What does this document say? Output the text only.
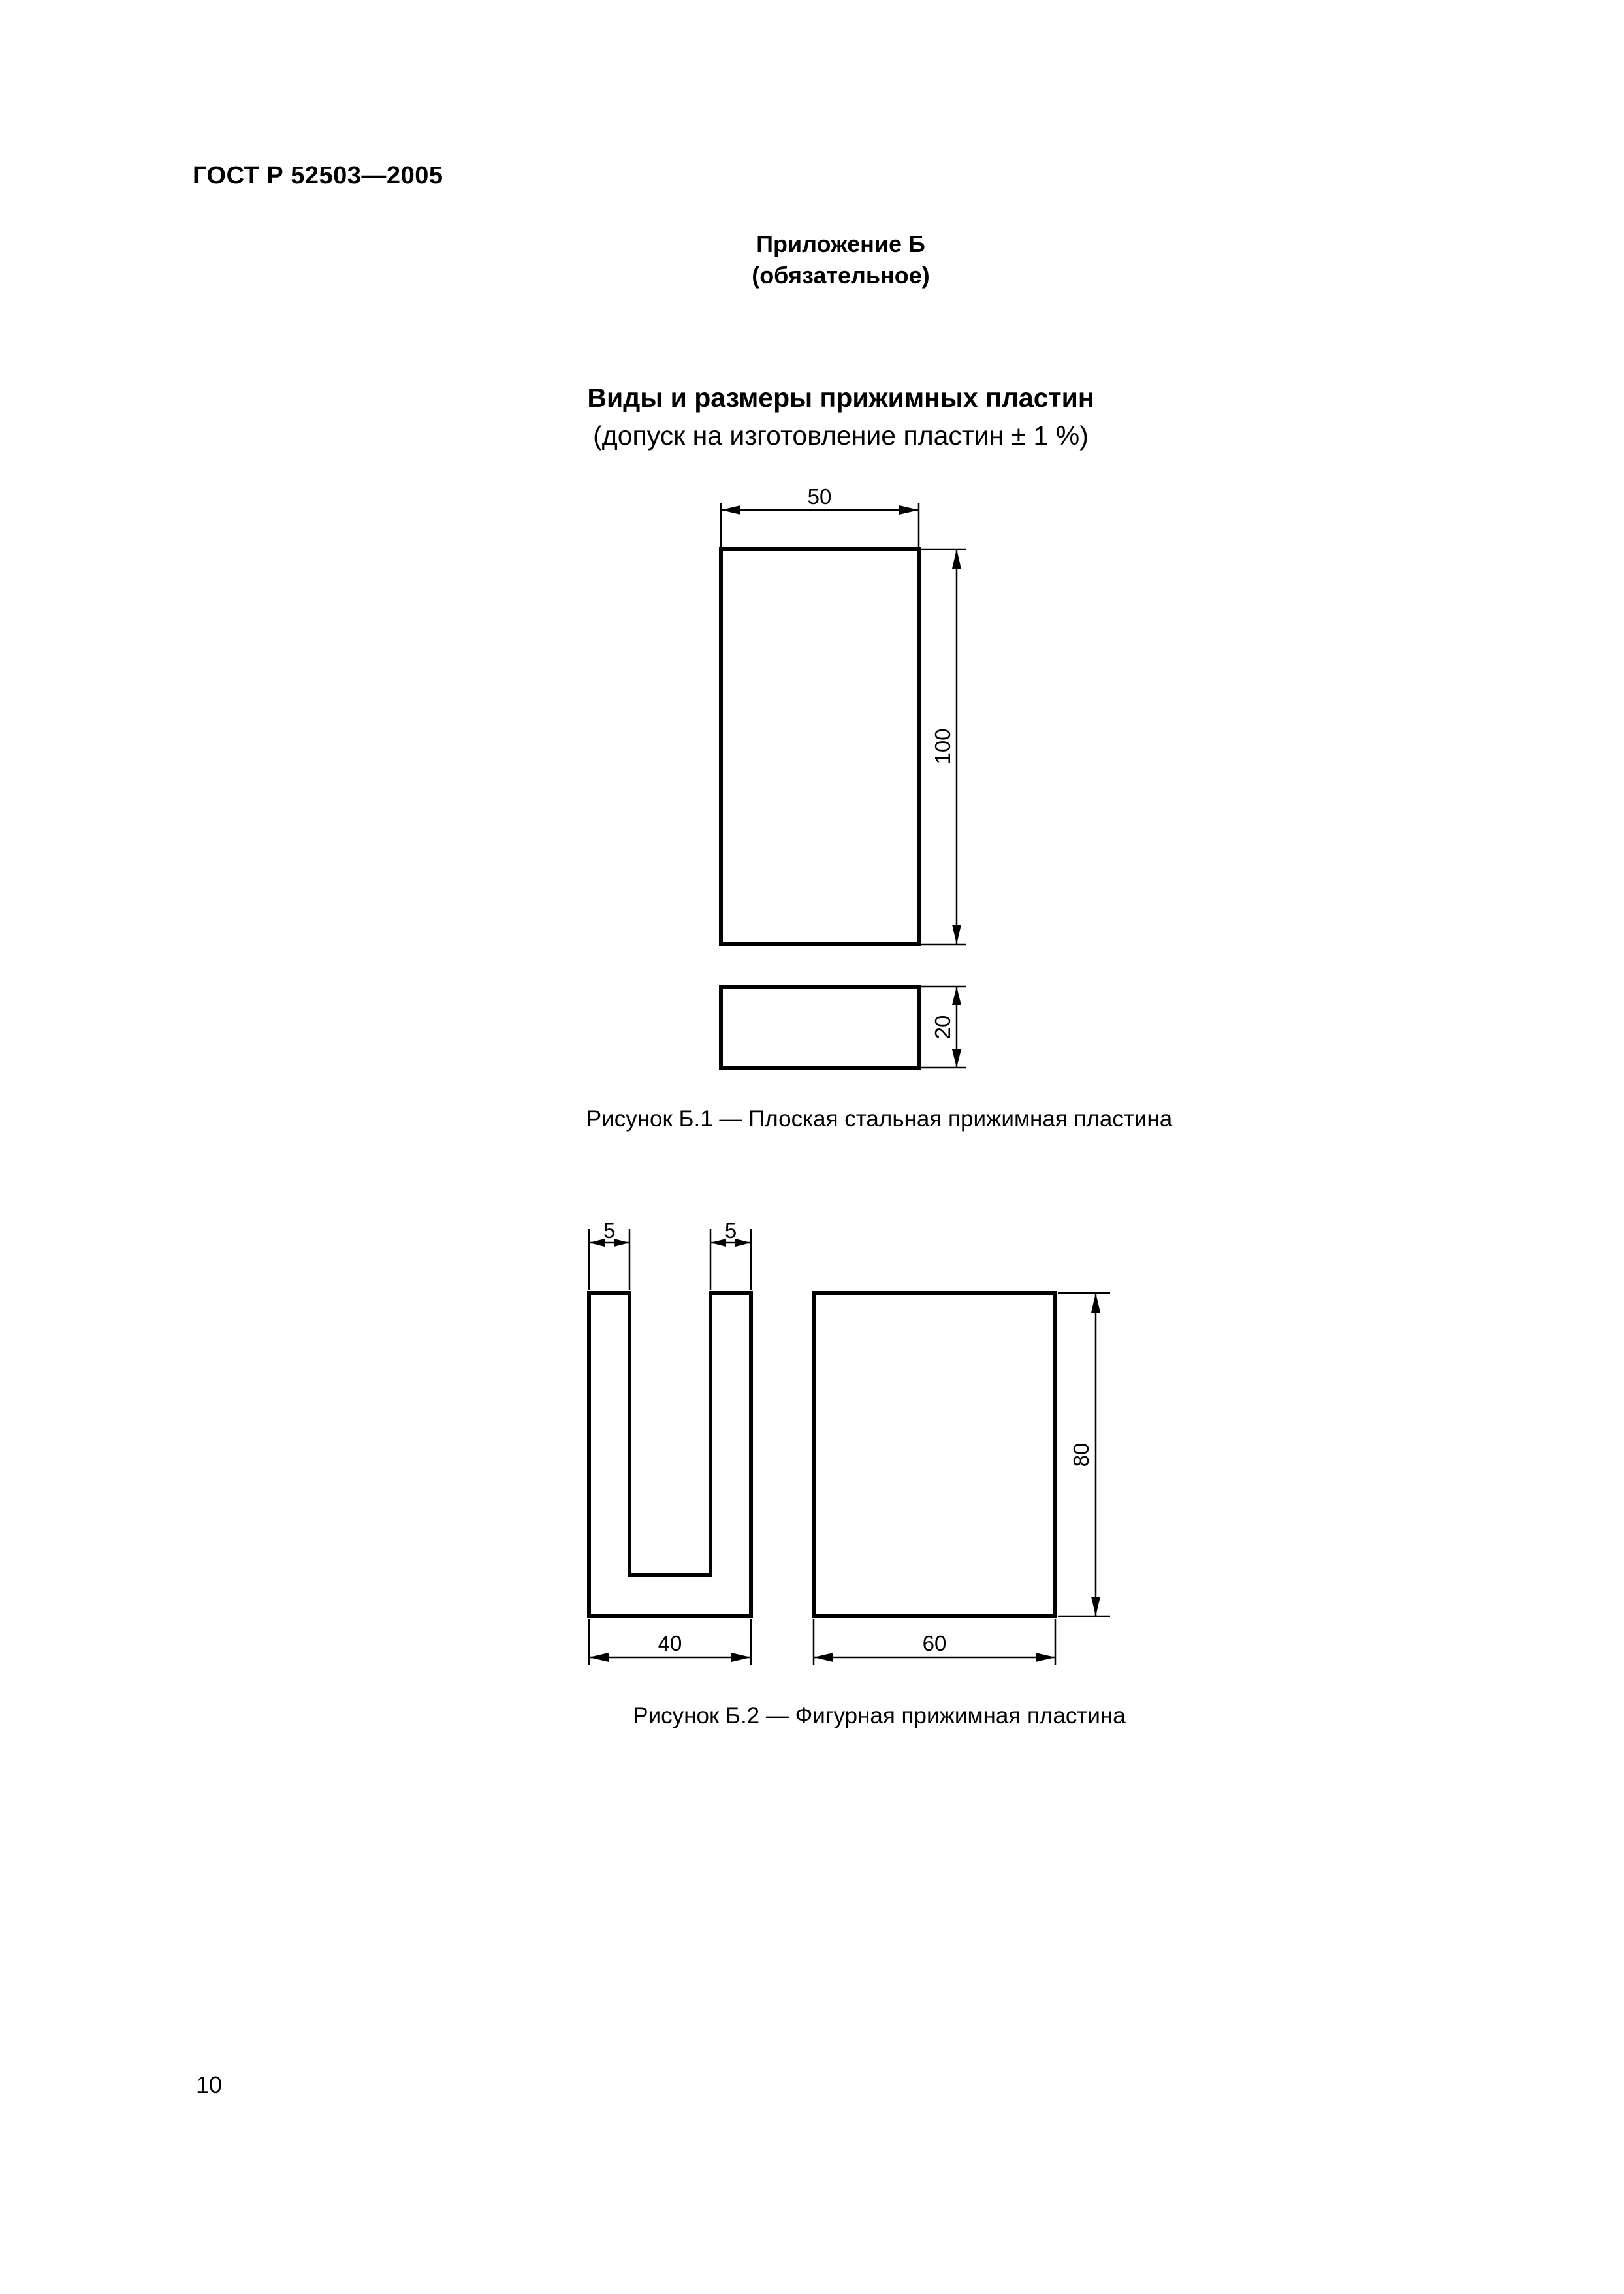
ГОСТ Р 52503—2005
Приложение Б
(обязательное)
Виды и размеры прижимных пластин
(допуск на изготовление пластин ± 1 %)
50
100
20
5	5
40	60
80
Рисунок Б.1 — Плоская стальная прижимная пластина
Рисунок Б.2 — Фигурная прижимная пластина
10
